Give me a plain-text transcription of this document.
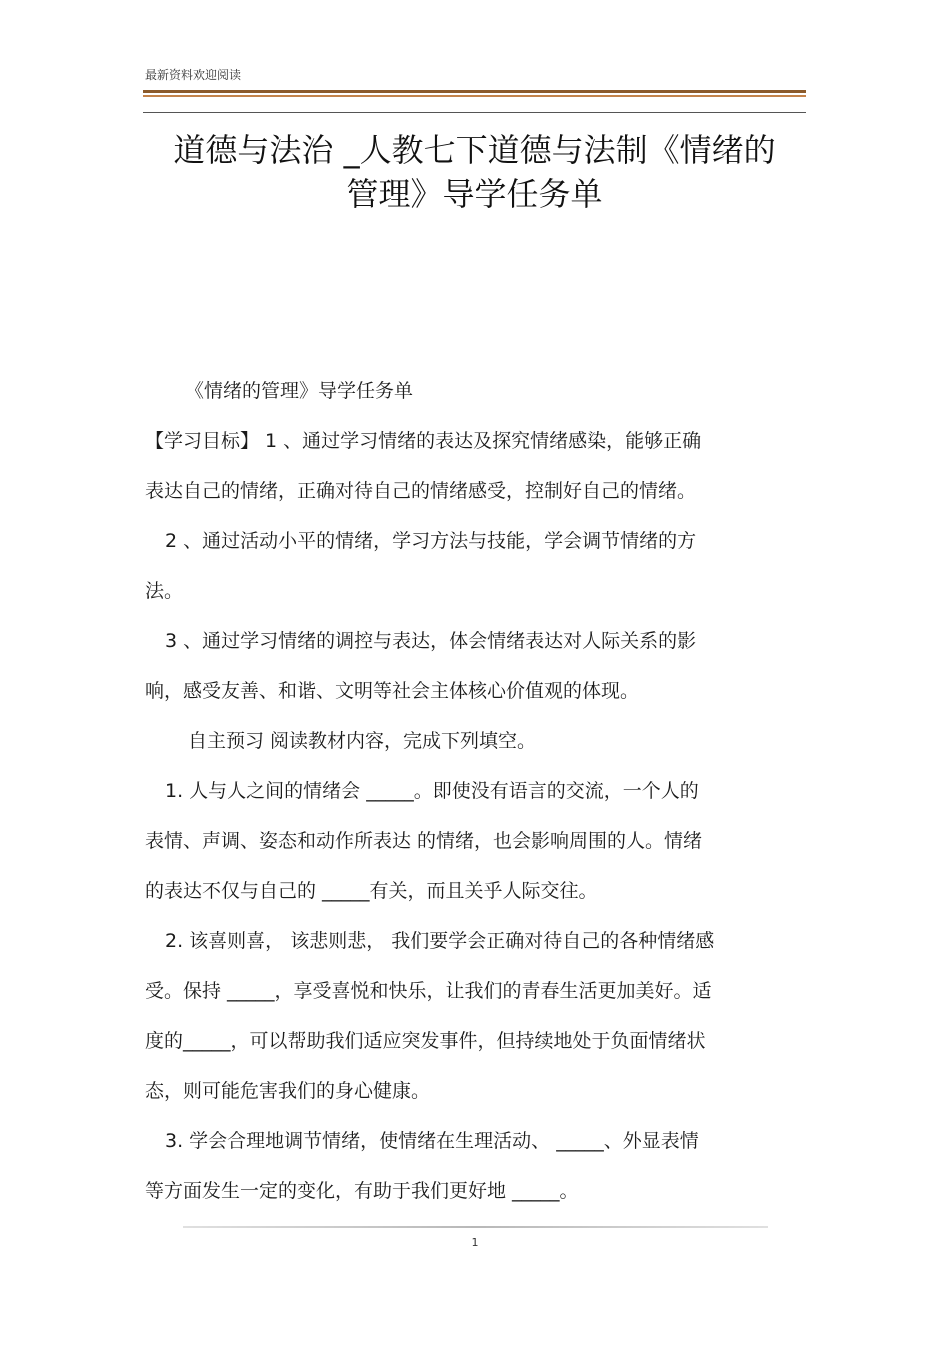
最新资料欢迎阅读
道德与法治 _人教七下道德与法制《情绪的
管理》导学任务单
《情绪的管理》导学任务单
【学习目标】 1 、通过学习情绪的表达及探究情绪感染，能够正确
表达自己的情绪，正确对待自己的情绪感受，控制好自己的情绪。
2 、通过活动小平的情绪，学习方法与技能，学会调节情绪的方
法。
3 、通过学习情绪的调控与表达，体会情绪表达对人际关系的影
响，感受友善、和谐、文明等社会主体核心价值观的体现。
自主预习 阅读教材内容，完成下列填空。
1. 人与人之间的情绪会 _____。即使没有语言的交流，一个人的
表情、声调、姿态和动作所表达 的情绪，也会影响周围的人。情绪
的表达不仅与自己的 _____有关，而且关乎人际交往。
2. 该喜则喜， 该悲则悲， 我们要学会正确对待自己的各种情绪感
受。保持 _____，享受喜悦和快乐，让我们的青春生活更加美好。适
度的_____，可以帮助我们适应突发事件，但持续地处于负面情绪状
态，则可能危害我们的身心健康。
3. 学会合理地调节情绪，使情绪在生理活动、 _____、外显表情
等方面发生一定的变化，有助于我们更好地 _____。
1
